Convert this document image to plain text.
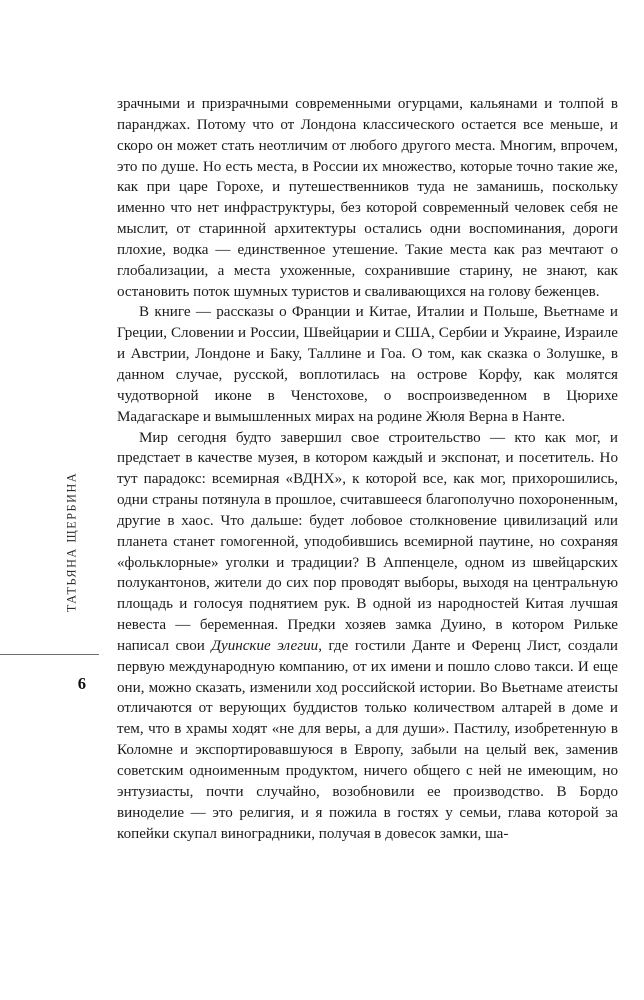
ТАТЬЯНА ЩЕРБИНА
6

зрачными и призрачными современными огурцами, кальянами и толпой в паранджах. Потому что от Лондона классического остается все меньше, и скоро он может стать неотличим от любого другого места. Многим, впрочем, это по душе. Но есть места, в России их множество, которые точно такие же, как при царе Горохе, и путешественников туда не заманишь, поскольку именно что нет инфраструктуры, без которой современный человек себя не мыслит, от старинной архитектуры остались одни воспоминания, дороги плохие, водка — единственное утешение. Такие места как раз мечтают о глобализации, а места ухоженные, сохранившие старину, не знают, как остановить поток шумных туристов и сваливающихся на голову беженцев.

В книге — рассказы о Франции и Китае, Италии и Польше, Вьетнаме и Греции, Словении и России, Швейцарии и США, Сербии и Украине, Израиле и Австрии, Лондоне и Баку, Таллине и Гоа. О том, как сказка о Золушке, в данном случае, русской, воплотилась на острове Корфу, как молятся чудотворной иконе в Ченстохове, о воспроизведенном в Цюрихе Мадагаскаре и вымышленных мирах на родине Жюля Верна в Нанте.

Мир сегодня будто завершил свое строительство — кто как мог, и предстает в качестве музея, в котором каждый и экспонат, и посетитель. Но тут парадокс: всемирная «ВДНХ», к которой все, как мог, прихорошились, одни страны потянула в прошлое, считавшееся благополучно похороненным, другие в хаос. Что дальше: будет лобовое столкновение цивилизаций или планета станет гомогенной, уподобившись всемирной паутине, но сохраняя «фольклорные» уголки и традиции? В Аппенцеле, одном из швейцарских полукантонов, жители до сих пор проводят выборы, выходя на центральную площадь и голосуя поднятием рук. В одной из народностей Китая лучшая невеста — беременная. Предки хозяев замка Дуино, в котором Рильке написал свои Дуинские элегии, где гостили Данте и Ференц Лист, создали первую международную компанию, от их имени и пошло слово такси. И еще они, можно сказать, изменили ход российской истории. Во Вьетнаме атеисты отличаются от верующих буддистов только количеством алтарей в доме и тем, что в храмы ходят «не для веры, а для души». Пастилу, изобретенную в Коломне и экспортировавшуюся в Европу, забыли на целый век, заменив советским одноименным продуктом, ничего общего с ней не имеющим, но энтузиасты, почти случайно, возобновили ее производство. В Бордо виноделие — это религия, и я пожила в гостях у семьи, глава которой за копейки скупал виноградники, получая в довесок замки, ша-
